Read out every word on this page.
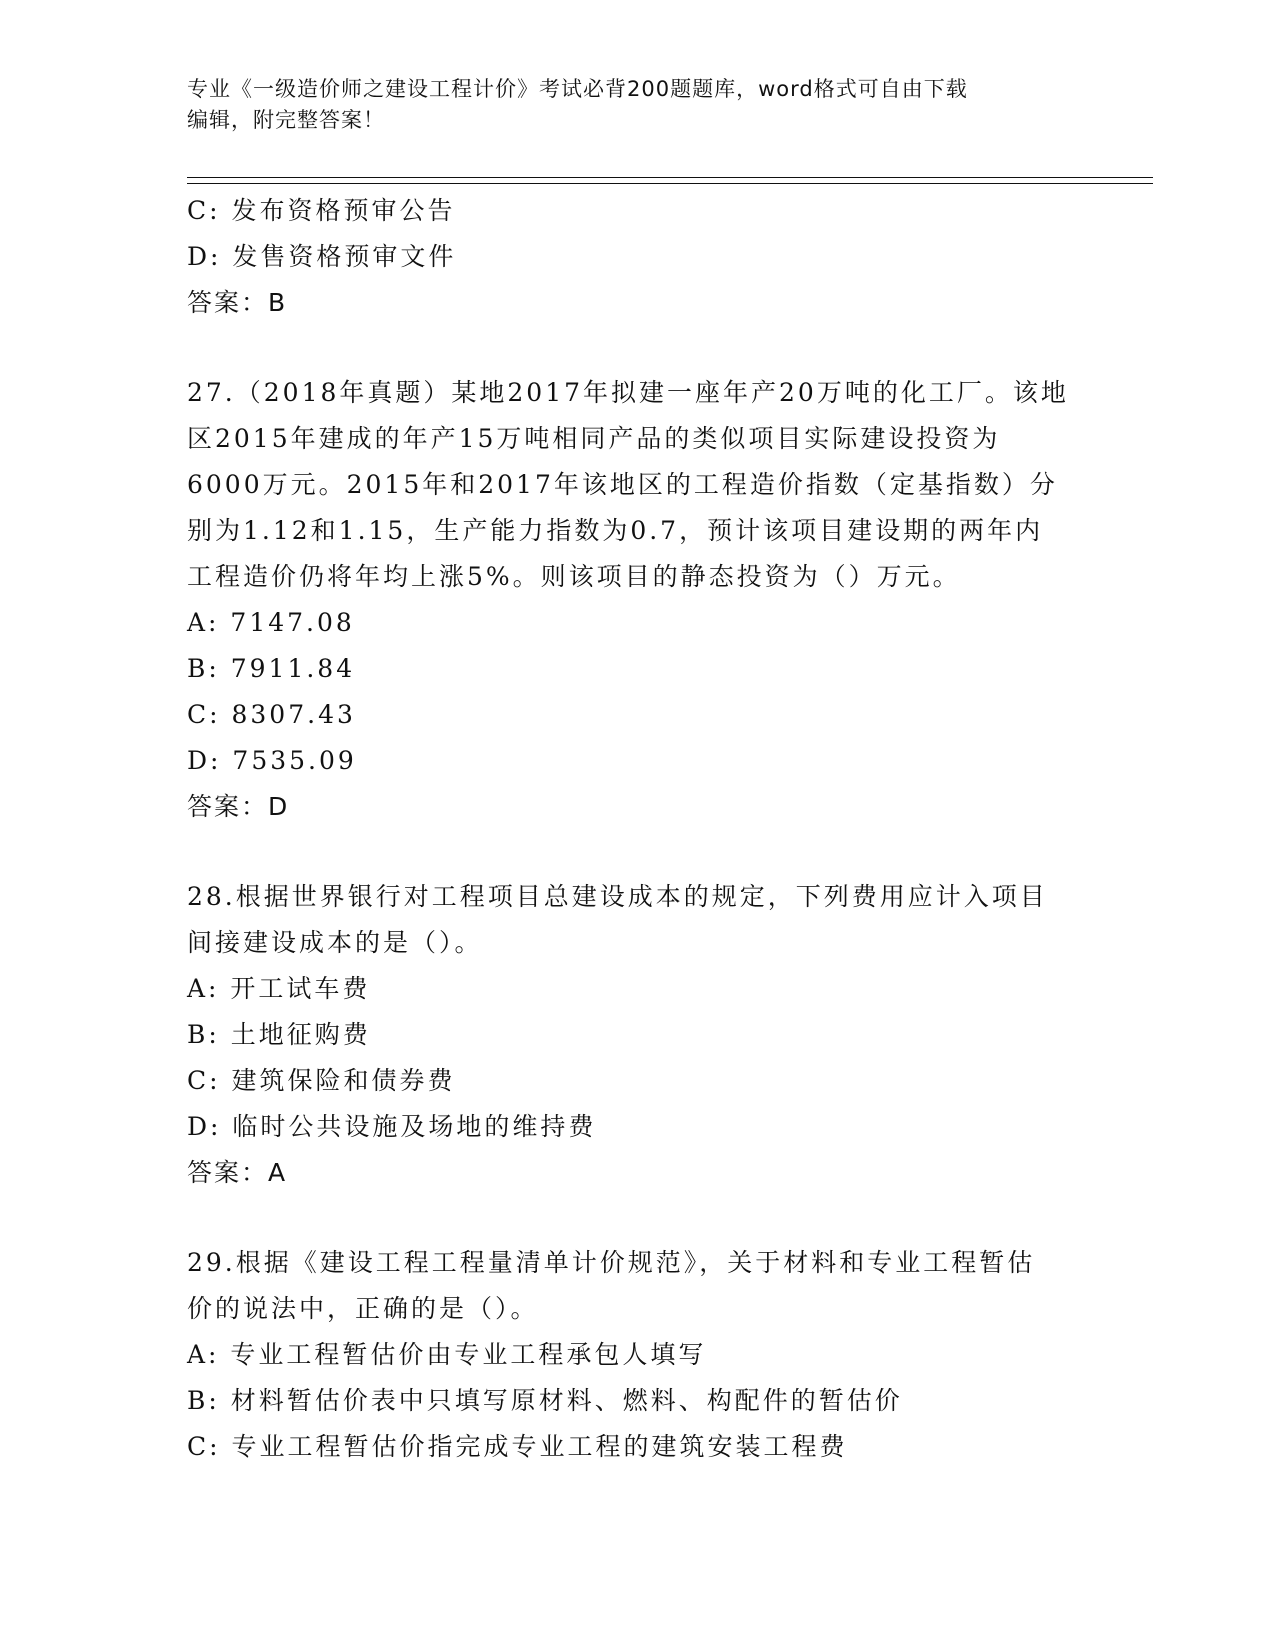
专业《一级造价师之建设工程计价》考试必背200题题库，word格式可自由下载
编辑，附完整答案！
C: 发布资格预审公告
D: 发售资格预审文件
答案：B
27.（2018年真题）某地2017年拟建一座年产20万吨的化工厂。该地
区2015年建成的年产15万吨相同产品的类似项目实际建设投资为
6000万元。2015年和2017年该地区的工程造价指数（定基指数）分
别为1.12和1.15，生产能力指数为0.7，预计该项目建设期的两年内
工程造价仍将年均上涨5%。则该项目的静态投资为（）万元。
A: 7147.08
B: 7911.84
C: 8307.43
D: 7535.09
答案：D
28.根据世界银行对工程项目总建设成本的规定，下列费用应计入项目
间接建设成本的是（）。
A: 开工试车费
B: 土地征购费
C: 建筑保险和债券费
D: 临时公共设施及场地的维持费
答案：A
29.根据《建设工程工程量清单计价规范》，关于材料和专业工程暂估
价的说法中，正确的是（）。
A: 专业工程暂估价由专业工程承包人填写
B: 材料暂估价表中只填写原材料、燃料、构配件的暂估价
C: 专业工程暂估价指完成专业工程的建筑安装工程费
